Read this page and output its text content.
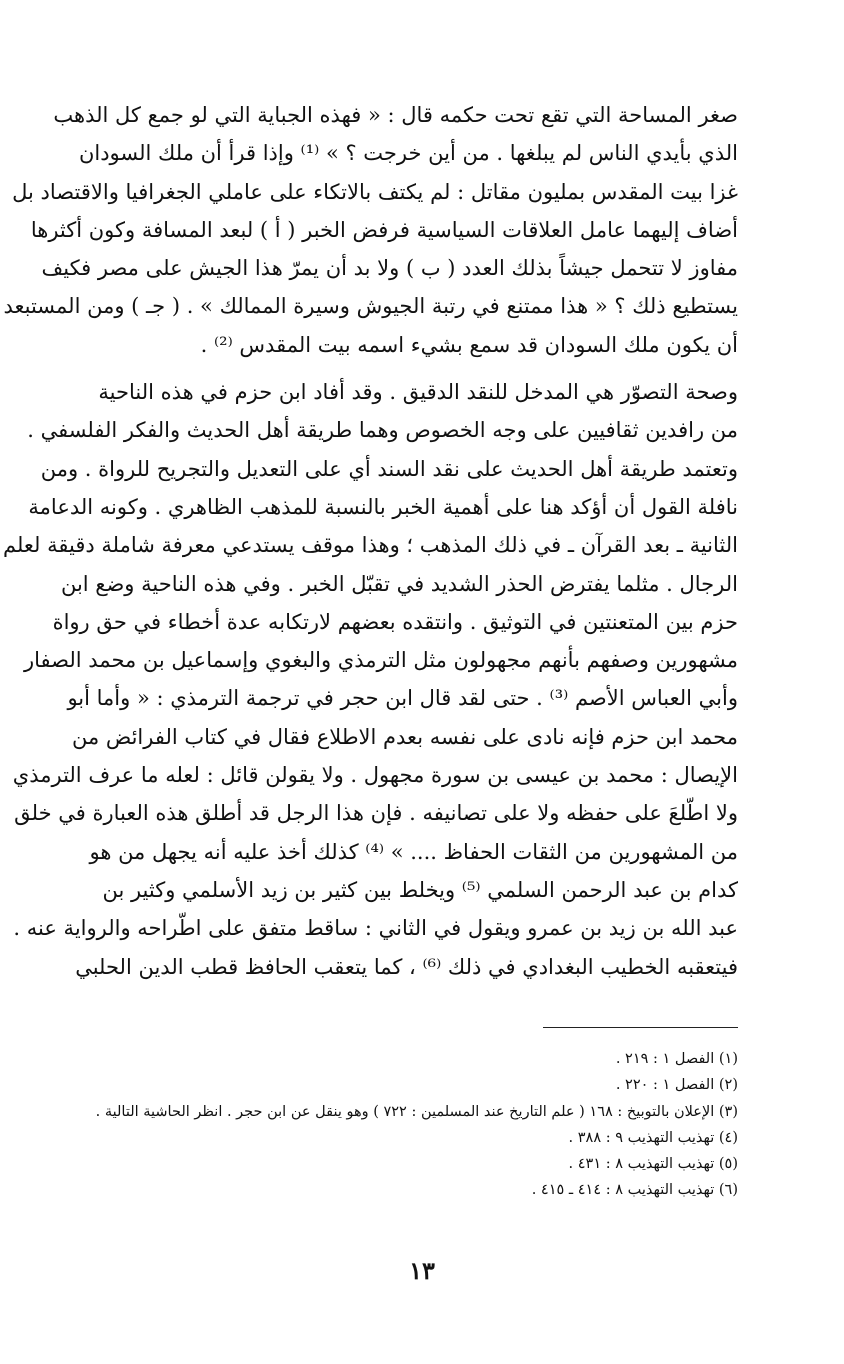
صغر المساحة التي تقع تحت حكمه قال : « فهذه الجباية التي لو جمع كل الذهب
الذي بأيدي الناس لم يبلغها . من أين خرجت ؟ » ⁽¹⁾ وإذا قرأ أن ملك السودان
غزا بيت المقدس بمليون مقاتل : لم يكتف بالاتكاء على عاملي الجغرافيا والاقتصاد بل
أضاف إليهما عامل العلاقات السياسية فرفض الخبر ( أ ) لبعد المسافة وكون أكثرها
مفاوز لا تتحمل جيشاً بذلك العدد ( ب ) ولا بد أن يمرّ هذا الجيش على مصر فكيف
يستطيع ذلك ؟ « هذا ممتنع في رتبة الجيوش وسيرة الممالك » . ( جـ ) ومن المستبعد
أن يكون ملك السودان قد سمع بشيء اسمه بيت المقدس ⁽²⁾ .

وصحة التصوّر هي المدخل للنقد الدقيق . وقد أفاد ابن حزم في هذه الناحية
من رافدين ثقافيين على وجه الخصوص وهما طريقة أهل الحديث والفكر الفلسفي .
وتعتمد طريقة أهل الحديث على نقد السند أي على التعديل والتجريح للرواة . ومن
نافلة القول أن أؤكد هنا على أهمية الخبر بالنسبة للمذهب الظاهري . وكونه الدعامة
الثانية ـ بعد القرآن ـ في ذلك المذهب ؛ وهذا موقف يستدعي معرفة شاملة دقيقة لعلم
الرجال . مثلما يفترض الحذر الشديد في تقبّل الخبر . وفي هذه الناحية وضع ابن
حزم بين المتعنتين في التوثيق . وانتقده بعضهم لارتكابه عدة أخطاء في حق رواة
مشهورين وصفهم بأنهم مجهولون مثل الترمذي والبغوي وإسماعيل بن محمد الصفار
وأبي العباس الأصم ⁽³⁾ . حتى لقد قال ابن حجر في ترجمة الترمذي : « وأما أبو
محمد ابن حزم فإنه نادى على نفسه بعدم الاطلاع فقال في كتاب الفرائض من
الإيصال : محمد بن عيسى بن سورة مجهول . ولا يقولن قائل : لعله ما عرف الترمذي
ولا اطّلعَ على حفظه ولا على تصانيفه . فإن هذا الرجل قد أطلق هذه العبارة في خلق
من المشهورين من الثقات الحفاظ .... » ⁽⁴⁾ كذلك أخذ عليه أنه يجهل من هو
كدام بن عبد الرحمن السلمي ⁽⁵⁾ ويخلط بين كثير بن زيد الأسلمي وكثير بن
عبد الله بن زيد بن عمرو ويقول في الثاني : ساقط متفق على اطّراحه والرواية عنه .
فيتعقبه الخطيب البغدادي في ذلك ⁽⁶⁾ ، كما يتعقب الحافظ قطب الدين الحلبي

(١) الفصل ١ : ٢١٩ .
(٢) الفصل ١ : ٢٢٠ .
(٣) الإعلان بالتوبيخ : ١٦٨ ( علم التاريخ عند المسلمين : ٧٢٢ ) وهو ينقل عن ابن حجر . انظر الحاشية التالية .
(٤) تهذيب التهذيب ٩ : ٣٨٨ .
(٥) تهذيب التهذيب ٨ : ٤٣١ .
(٦) تهذيب التهذيب ٨ : ٤١٤ ـ ٤١٥ .
١٣
